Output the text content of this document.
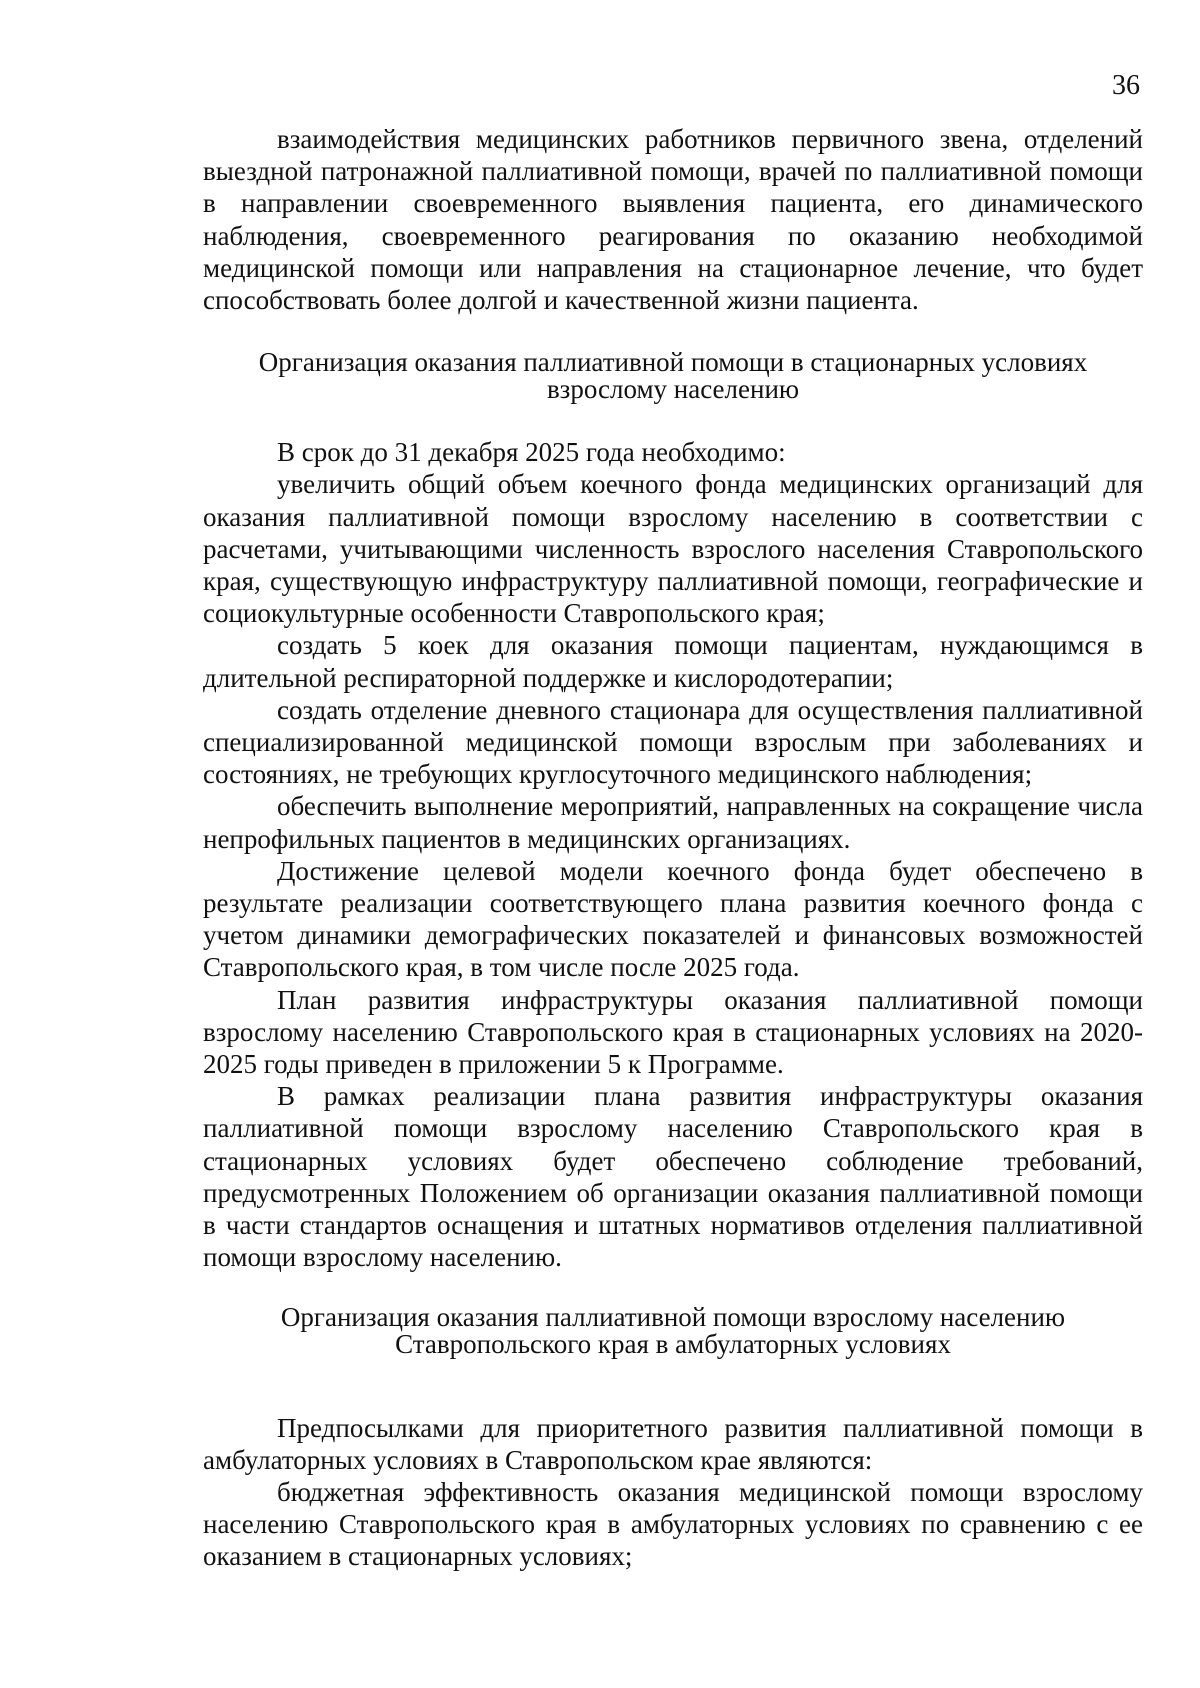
36

взаимодействия медицинских работников первичного звена, отделений выездной патронажной паллиативной помощи, врачей по паллиативной помощи в направлении своевременного выявления пациента, его динамического наблюдения, своевременного реагирования по оказанию необходимой медицинской помощи или направления на стационарное лечение, что будет способствовать более долгой и качественной жизни пациента.

Организация оказания паллиативной помощи в стационарных условиях
взрослому населению

В срок до 31 декабря 2025 года необходимо:

увеличить общий объем коечного фонда медицинских организаций для оказания паллиативной помощи взрослому населению в соответствии с расчетами, учитывающими численность взрослого населения Ставропольского края, существующую инфраструктуру паллиативной помощи, географические и социокультурные особенности Ставропольского края;

создать 5 коек для оказания помощи пациентам, нуждающимся в длительной респираторной поддержке и кислородотерапии;

создать отделение дневного стационара для осуществления паллиативной специализированной медицинской помощи взрослым при заболеваниях и состояниях, не требующих круглосуточного медицинского наблюдения;

обеспечить выполнение мероприятий, направленных на сокращение числа непрофильных пациентов в медицинских организациях.

Достижение целевой модели коечного фонда будет обеспечено в результате реализации соответствующего плана развития коечного фонда с учетом динамики демографических показателей и финансовых возможностей Ставропольского края, в том числе после 2025 года.

План развития инфраструктуры оказания паллиативной помощи взрослому населению Ставропольского края в стационарных условиях на 2020-2025 годы приведен в приложении 5 к Программе.

В рамках реализации плана развития инфраструктуры оказания паллиативной помощи взрослому населению Ставропольского края в стационарных условиях будет обеспечено соблюдение требований, предусмотренных Положением об организации оказания паллиативной помощи в части стандартов оснащения и штатных нормативов отделения паллиативной помощи взрослому населению.

Организация оказания паллиативной помощи взрослому населению
Ставропольского края в амбулаторных условиях

Предпосылками для приоритетного развития паллиативной помощи в амбулаторных условиях в Ставропольском крае являются:

бюджетная эффективность оказания медицинской помощи взрослому населению Ставропольского края в амбулаторных условиях по сравнению с ее оказанием в стационарных условиях;
